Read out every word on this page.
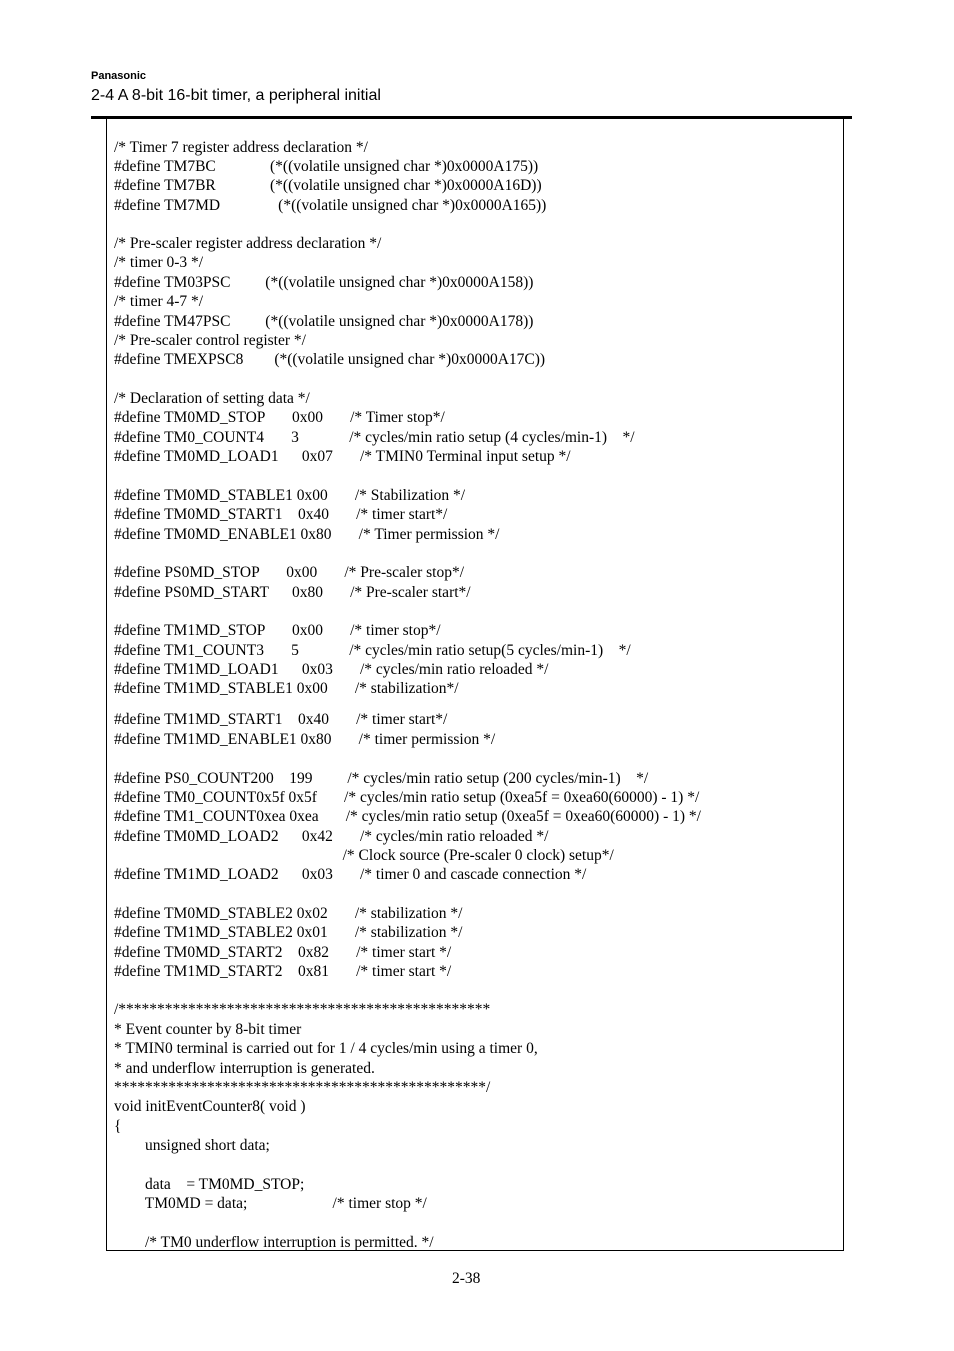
Panasonic
2-4 A 8-bit 16-bit timer, a peripheral initial
/* Timer 7 register address declaration */
#define TM7BC              (*((volatile unsigned char *)0x0000A175))
#define TM7BR              (*((volatile unsigned char *)0x0000A16D))
#define TM7MD               (*((volatile unsigned char *)0x0000A165))
/* Pre-scaler register address declaration */
/* timer 0-3 */
#define TM03PSC         (*((volatile unsigned char *)0x0000A158))
/* timer 4-7 */
#define TM47PSC         (*((volatile unsigned char *)0x0000A178))
/* Pre-scaler control register */
#define TMEXPSC8        (*((volatile unsigned char *)0x0000A17C))
/* Declaration of setting data */
#define TM0MD_STOP       0x00       /* Timer stop*/
#define TM0_COUNT4       3             /* cycles/min ratio setup (4 cycles/min-1)    */
#define TM0MD_LOAD1      0x07       /* TMIN0 Terminal input setup */
#define TM0MD_STABLE1 0x00       /* Stabilization */
#define TM0MD_START1    0x40       /* timer start*/
#define TM0MD_ENABLE1 0x80       /* Timer permission */
#define PS0MD_STOP       0x00       /* Pre-scaler stop*/
#define PS0MD_START      0x80       /* Pre-scaler start*/
#define TM1MD_STOP       0x00       /* timer stop*/
#define TM1_COUNT3       5             /* cycles/min ratio setup(5 cycles/min-1)    */
#define TM1MD_LOAD1      0x03       /* cycles/min ratio reloaded */
#define TM1MD_STABLE1 0x00       /* stabilization*/
#define TM1MD_START1    0x40       /* timer start*/
#define TM1MD_ENABLE1 0x80       /* timer permission */
#define PS0_COUNT200    199         /* cycles/min ratio setup (200 cycles/min-1)    */
#define TM0_COUNT0x5f 0x5f       /* cycles/min ratio setup (0xea5f = 0xea60(60000) - 1) */
#define TM1_COUNT0xea 0xea       /* cycles/min ratio setup (0xea5f = 0xea60(60000) - 1) */
#define TM0MD_LOAD2      0x42       /* cycles/min ratio reloaded */
/* Clock source (Pre-scaler 0 clock) setup*/
#define TM1MD_LOAD2      0x03       /* timer 0 and cascade connection */
#define TM0MD_STABLE2 0x02       /* stabilization */
#define TM1MD_STABLE2 0x01       /* stabilization */
#define TM0MD_START2    0x82       /* timer start */
#define TM1MD_START2    0x81       /* timer start */
/************************************************
* Event counter by 8-bit timer
* TMIN0 terminal is carried out for 1 / 4 cycles/min using a timer 0,
* and underflow interruption is generated.
************************************************/
void initEventCounter8( void )
{
unsigned short data;
data    = TM0MD_STOP;
TM0MD = data;                      /* timer stop */
/* TM0 underflow interruption is permitted. */
2-38
